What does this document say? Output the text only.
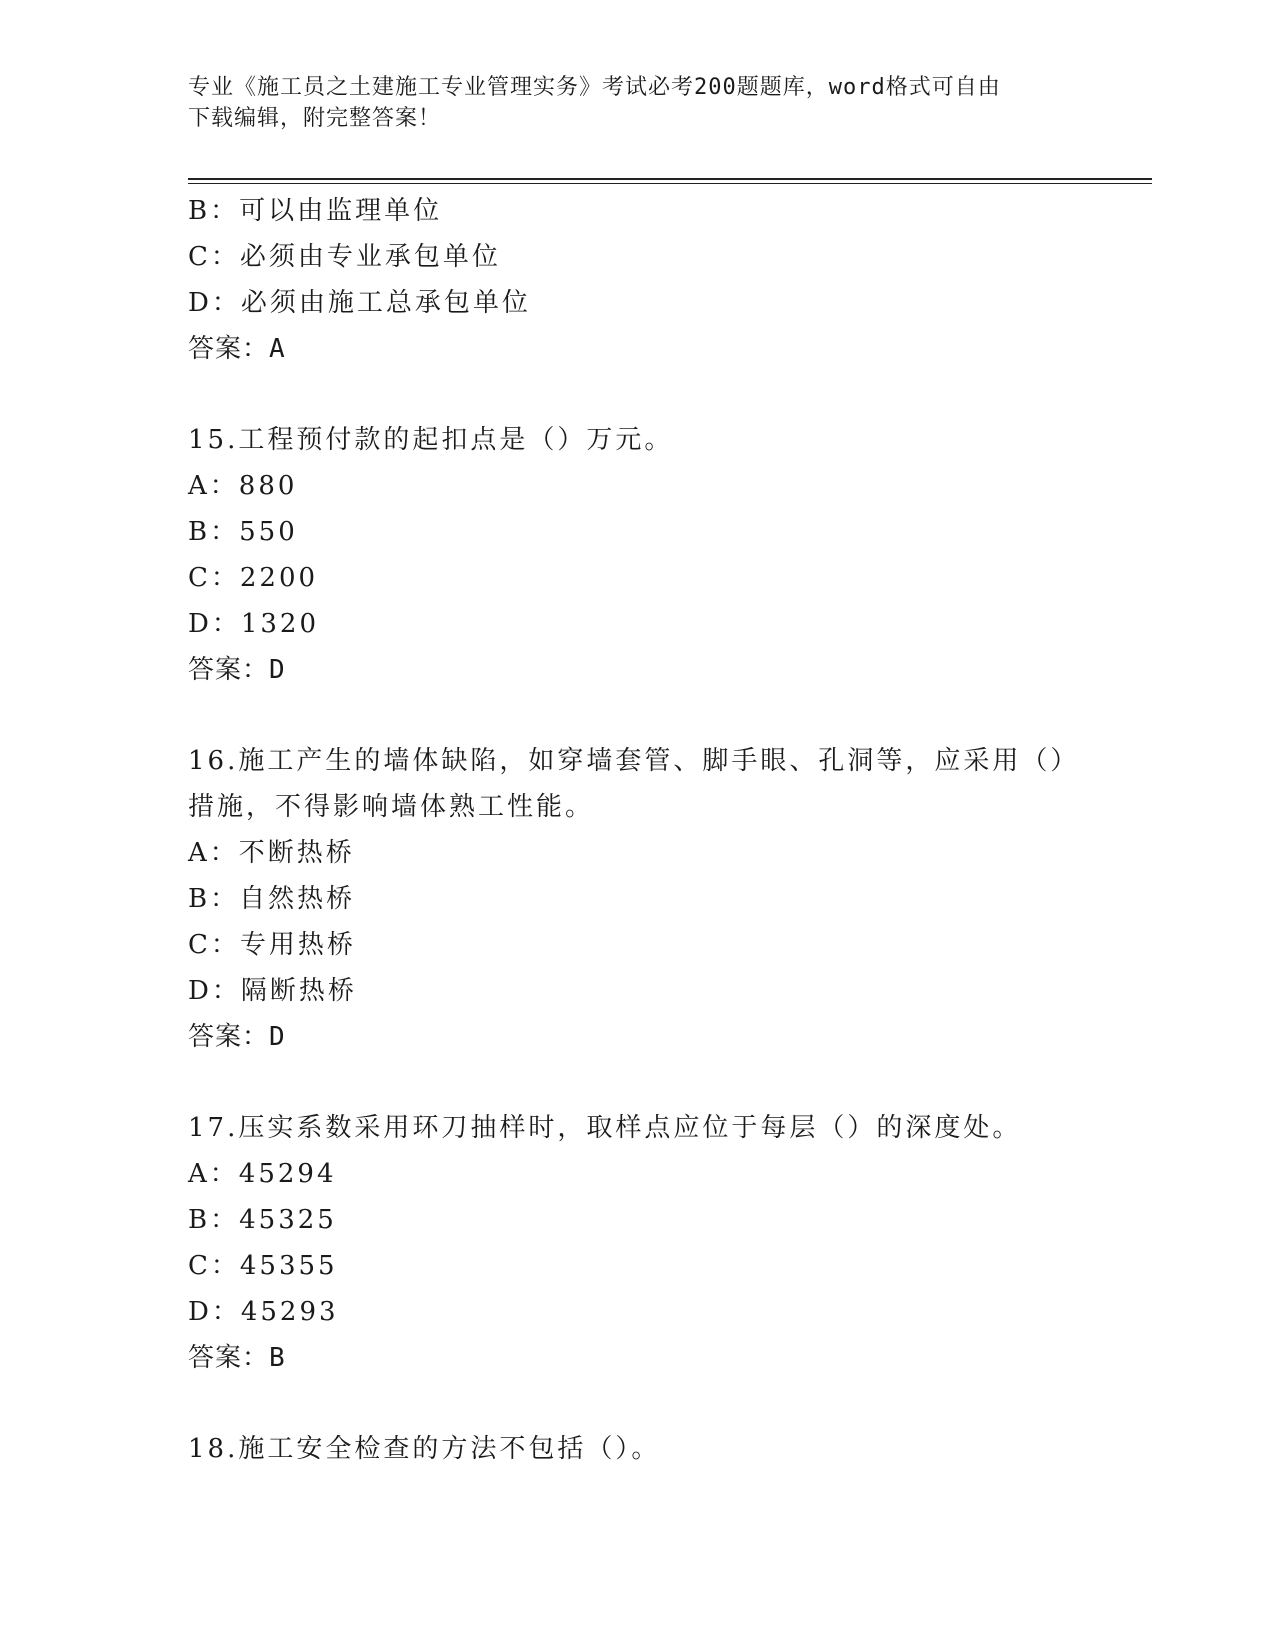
专业《施工员之土建施工专业管理实务》考试必考200题题库，word格式可自由
下载编辑，附完整答案！
B：可以由监理单位
C：必须由专业承包单位
D：必须由施工总承包单位
答案：A
15.工程预付款的起扣点是（）万元。
A：880
B：550
C：2200
D：1320
答案：D
16.施工产生的墙体缺陷，如穿墙套管、脚手眼、孔洞等，应采用（）
措施，不得影响墙体熟工性能。
A：不断热桥
B：自然热桥
C：专用热桥
D：隔断热桥
答案：D
17.压实系数采用环刀抽样时，取样点应位于每层（）的深度处。
A：45294
B：45325
C：45355
D：45293
答案：B
18.施工安全检查的方法不包括（）。
